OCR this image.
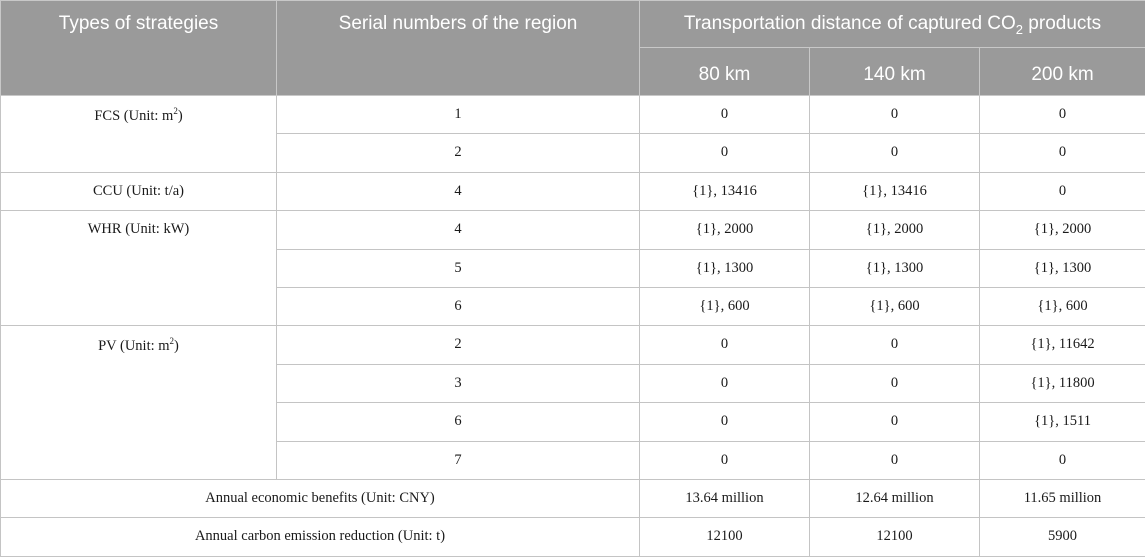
Types of strategies	Serial numbers of the region	Transportation distance of captured $CO_2$ products		
		80 km	140 km	200 km
FCS (Unit: $m^2$)	1	0	0	0
	2	0	0	0
CCU (Unit: t/a)	4	{1}, 13416	{1}, 13416	0
WHR (Unit: kW)	4	{1}, 2000	{1}, 2000	{1}, 2000
	5	{1}, 1300	{1}, 1300	{1}, 1300
	6	{1}, 600	{1}, 600	{1}, 600
PV (Unit: $m^2$)	2	0	0	{1}, 11642
	3	0	0	{1}, 11800
	6	0	0	{1}, 1511
	7	0	0	0
Annual economic benefits (Unit: CNY)		13.64 million	12.64 million	11.65 million
Annual carbon emission reduction (Unit: t)		12100	12100	5900
